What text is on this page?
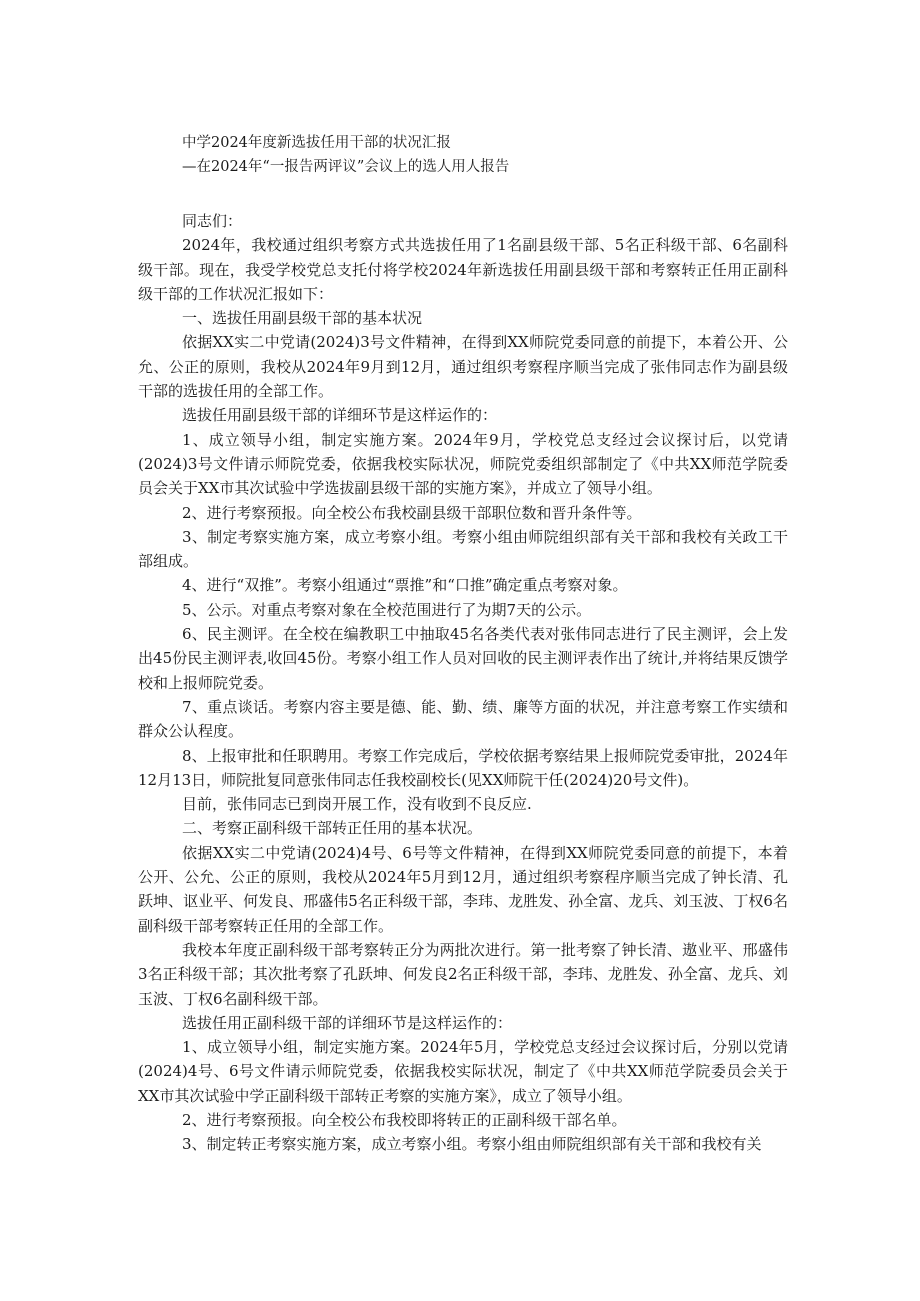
中学2024年度新选拔任用干部的状况汇报

—在2024年“一报告两评议”会议上的选人用人报告

同志们：

2024年，我校通过组织考察方式共选拔任用了1名副县级干部、5名正科级干部、6名副科级干部。现在，我受学校党总支托付将学校2024年新选拔任用副县级干部和考察转正任用正副科级干部的工作状况汇报如下：

一、选拔任用副县级干部的基本状况

依据XX实二中党请(2024)3号文件精神，在得到XX师院党委同意的前提下，本着公开、公允、公正的原则，我校从2024年9月到12月，通过组织考察程序顺当完成了张伟同志作为副县级干部的选拔任用的全部工作。

选拔任用副县级干部的详细环节是这样运作的：

1、成立领导小组，制定实施方案。2024年9月，学校党总支经过会议探讨后，以党请(2024)3号文件请示师院党委，依据我校实际状况，师院党委组织部制定了《中共XX师范学院委员会关于XX市其次试验中学选拔副县级干部的实施方案》，并成立了领导小组。

2、进行考察预报。向全校公布我校副县级干部职位数和晋升条件等。

3、制定考察实施方案，成立考察小组。考察小组由师院组织部有关干部和我校有关政工干部组成。

4、进行“双推”。考察小组通过“票推”和“口推”确定重点考察对象。

5、公示。对重点考察对象在全校范围进行了为期7天的公示。

6、民主测评。在全校在编教职工中抽取45名各类代表对张伟同志进行了民主测评，会上发出45份民主测评表,收回45份。考察小组工作人员对回收的民主测评表作出了统计,并将结果反馈学校和上报师院党委。

7、重点谈话。考察内容主要是德、能、勤、绩、廉等方面的状况，并注意考察工作实绩和群众公认程度。

8、上报审批和任职聘用。考察工作完成后，学校依据考察结果上报师院党委审批，2024年12月13日，师院批复同意张伟同志任我校副校长(见XX师院干任(2024)20号文件)。

目前，张伟同志已到岗开展工作，没有收到不良反应.

二、考察正副科级干部转正任用的基本状况。

依据XX实二中党请(2024)4号、6号等文件精神，在得到XX师院党委同意的前提下，本着公开、公允、公正的原则，我校从2024年5月到12月，通过组织考察程序顺当完成了钟长清、孔跃坤、讴业平、何发良、邢盛伟5名正科级干部，李玮、龙胜发、孙全富、龙兵、刘玉波、丁权6名副科级干部考察转正任用的全部工作。

我校本年度正副科级干部考察转正分为两批次进行。第一批考察了钟长清、遨业平、邢盛伟3名正科级干部；其次批考察了孔跃坤、何发良2名正科级干部，李玮、龙胜发、孙全富、龙兵、刘玉波、丁权6名副科级干部。

选拔任用正副科级干部的详细环节是这样运作的：

1、成立领导小组，制定实施方案。2024年5月，学校党总支经过会议探讨后，分别以党请(2024)4号、6号文件请示师院党委，依据我校实际状况，制定了《中共XX师范学院委员会关于XX市其次试验中学正副科级干部转正考察的实施方案》，成立了领导小组。

2、进行考察预报。向全校公布我校即将转正的正副科级干部名单。

3、制定转正考察实施方案，成立考察小组。考察小组由师院组织部有关干部和我校有关
